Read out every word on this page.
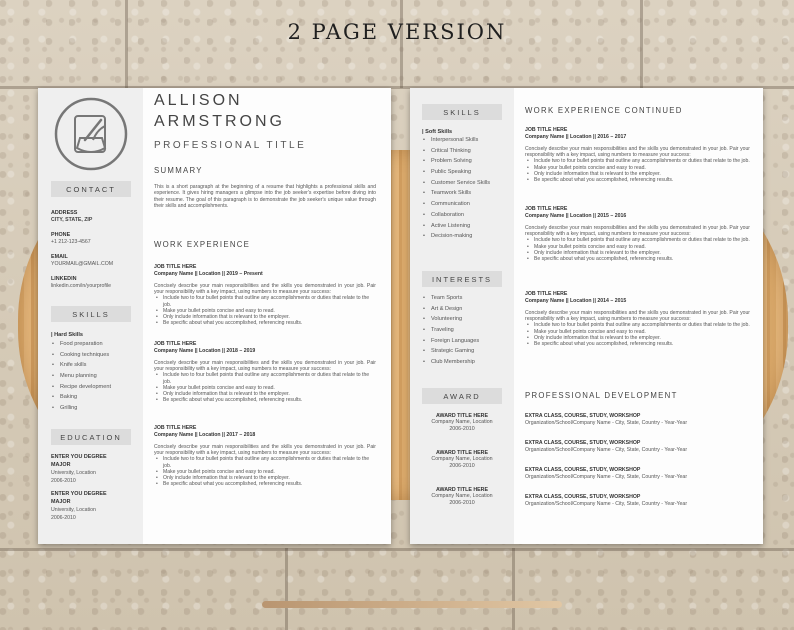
2 PAGE VERSION
ALLISON
ARMSTRONG
PROFESSIONAL TITLE
CONTACT
ADDRESS
CITY, STATE, ZIP
PHONE
+1 212-123-4567
EMAIL
YOURMAIL@GMAIL.COM
LINKEDIN
linkedin.com/in/yourprofile
SKILLS
| Hard Skills
• Food preparation
• Cooking techniques
• Knife skills
• Menu planning
• Recipe development
• Baking
• Grilling
EDUCATION
ENTER YOU DEGREE
MAJOR
University, Location
2006-2010
ENTER YOU DEGREE
MAJOR
University, Location
2006-2010
SUMMARY
This is a short paragraph at the beginning of a resume that highlights a professional skills and experience. It gives hiring managers a glimpse into the job seeker's expertise before diving into their resume. The goal of this paragraph is to demonstrate the job seeker's unique value through their skills and accomplishments.
WORK EXPERIENCE
JOB TITLE HERE
Company Name || Location || 2019 – Present
Concisely describe your main responsibilities and the skills you demonstrated in your job. Pair your responsibility with a key impact, using numbers to measure your success:
• Include two to four bullet points that outline any accomplishments or duties that relate to the job.
• Make your bullet points concise and easy to read.
• Only include information that is relevant to the employer.
• Be specific about what you accomplished, referencing results.
JOB TITLE HERE
Company Name || Location || 2018 – 2019
Concisely describe your main responsibilities and the skills you demonstrated in your job. Pair your responsibility with a key impact, using numbers to measure your success:
• Include two to four bullet points that outline any accomplishments or duties that relate to the job.
• Make your bullet points concise and easy to read.
• Only include information that is relevant to the employer.
• Be specific about what you accomplished, referencing results.
JOB TITLE HERE
Company Name || Location || 2017 – 2018
Concisely describe your main responsibilities and the skills you demonstrated in your job. Pair your responsibility with a key impact, using numbers to measure your success:
• Include two to four bullet points that outline any accomplishments or duties that relate to the job.
• Make your bullet points concise and easy to read.
• Only include information that is relevant to the employer.
• Be specific about what you accomplished, referencing results.
SKILLS
| Soft Skills
• Interpersonal Skills
• Critical Thinking
• Problem Solving
• Public Speaking
• Customer Service Skills
• Teamwork Skills
• Communication
• Collaboration
• Active Listening
• Decision-making
INTERESTS
• Team Sports
• Art & Design
• Volunteering
• Traveling
• Foreign Languages
• Strategic Gaming
• Club Membership
AWARD
AWARD TITLE HERE
Company Name, Location
2006-2010
AWARD TITLE HERE
Company Name, Location
2006-2010
AWARD TITLE HERE
Company Name, Location
2006-2010
WORK EXPERIENCE CONTINUED
JOB TITLE HERE
Company Name || Location || 2016 – 2017
Concisely describe your main responsibilities and the skills you demonstrated in your job. Pair your responsibility with a key impact, using numbers to measure your success:
• Include two to four bullet points that outline any accomplishments or duties that relate to the job.
• Make your bullet points concise and easy to read.
• Only include information that is relevant to the employer.
• Be specific about what you accomplished, referencing results.
JOB TITLE HERE
Company Name || Location || 2015 – 2016
Concisely describe your main responsibilities and the skills you demonstrated in your job. Pair your responsibility with a key impact, using numbers to measure your success:
• Include two to four bullet points that outline any accomplishments or duties that relate to the job.
• Make your bullet points concise and easy to read.
• Only include information that is relevant to the employer.
• Be specific about what you accomplished, referencing results.
JOB TITLE HERE
Company Name || Location || 2014 – 2015
Concisely describe your main responsibilities and the skills you demonstrated in your job. Pair your responsibility with a key impact, using numbers to measure your success:
• Include two to four bullet points that outline any accomplishments or duties that relate to the job.
• Make your bullet points concise and easy to read.
• Only include information that is relevant to the employer.
• Be specific about what you accomplished, referencing results.
PROFESSIONAL DEVELOPMENT
EXTRA CLASS, COURSE, STUDY, WORKSHOP
Organization/School/Company Name - City, State, Country - Year-Year
EXTRA CLASS, COURSE, STUDY, WORKSHOP
Organization/School/Company Name - City, State, Country - Year-Year
EXTRA CLASS, COURSE, STUDY, WORKSHOP
Organization/School/Company Name - City, State, Country - Year-Year
EXTRA CLASS, COURSE, STUDY, WORKSHOP
Organization/School/Company Name - City, State, Country - Year-Year
